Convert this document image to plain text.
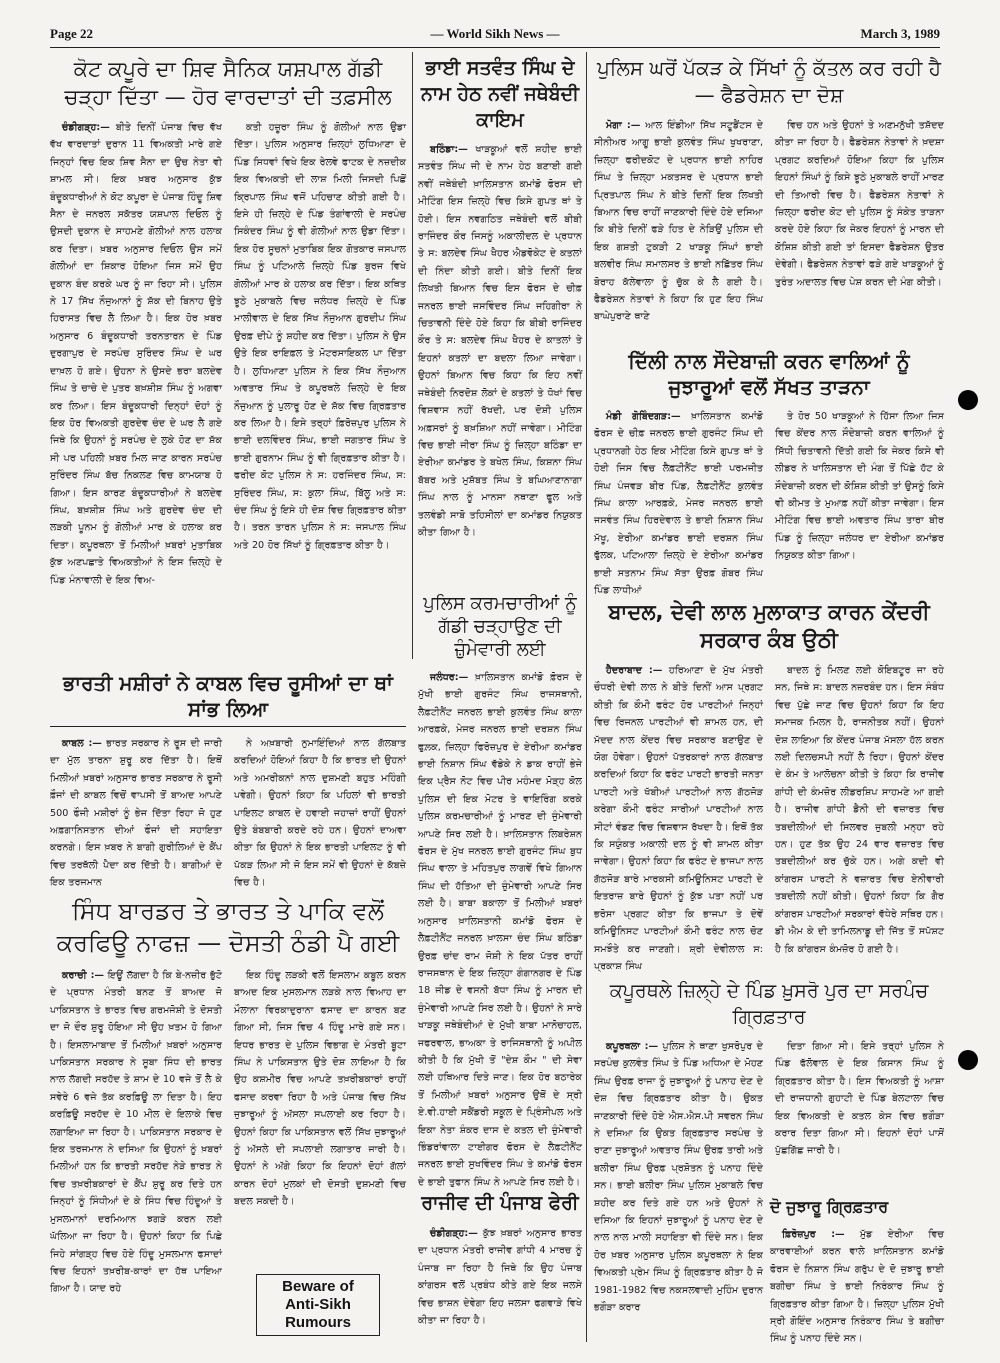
Page 22	— World Sikh News —	March 3, 1989
ਕੋਟ ਕਪੂਰੇ ਦਾ ਸ਼ਿਵ ਸੈਨਿਕ ਯਸ਼ਪਾਲ ਗੱਡੀ ਚੜ੍ਹਾ ਦਿੱਤਾ — ਹੋਰ ਵਾਰਦਾਤਾਂ ਦੀ ਤਫ਼ਸੀਲ

ਚੰਡੀਗੜ੍ਹ:— ਬੀਤੇ ਦਿਨੀਂ ਪੰਜਾਬ ਵਿਚ ਵੱਖ ਵੱਖ ਵਾਰਦਾਤਾਂ ਦੁਰਾਨ 11 ਵਿਅਕਤੀ ਮਾਰੇ ਗਏ ਜਿਨ੍ਹਾਂ ਵਿਚ ਇਕ ਸ਼ਿਵ ਸੈਨਾ ਦਾ ਉਚ ਨੇਤਾ ਵੀ ਸ਼ਾਮਲ ਸੀ। ਇਕ ਖ਼ਬਰ ਅਨੁਸਾਰ ਕੁੱਝ ਬੰਦੂਕਧਾਰੀਆਂ ਨੇ ਕੋਟ ਕਪੂਰਾ ਦੇ ਪੰਜਾਬ ਹਿੰਦੂ ਸ਼ਿਵ ਸੈਨਾ ਦੇ ਜਨਰਲ ਸਕੱਤਰ ਯਸ਼ਪਾਲ ਦਿਓਲ ਨੂੰ ਉਸਦੀ ਦੁਕਾਨ ਦੇ ਸਾਹਮਣੇ ਗੋਲੀਆਂ ਨਾਲ ਹਲਾਕ ਕਰ ਦਿਤਾ। ਖ਼ਬਰ ਅਨੁਸਾਰ ਦਿਓਲ ਉਸ ਸਮੇਂ ਗੋਲੀਆਂ ਦਾ ਸ਼ਿਕਾਰ ਹੋਇਆ ਜਿਸ ਸਮੇਂ ਉਹ ਦੁਕਾਨ ਬੰਦ ਕਰਕੇ ਘਰ ਨੂੰ ਜਾ ਰਿਹਾ ਸੀ। ਪੁਲਿਸ ਨੇ 17 ਸਿੱਖ ਨੌਜੁਆਨਾਂ ਨੂੰ ਸ਼ੱਕ ਦੀ ਬਿਨਾਹ ਉਤੇ ਹਿਰਾਸਤ ਵਿਚ ਲੈ ਲਿਆ ਹੈ। ਇਕ ਹੋਰ ਖ਼ਬਰ ਅਨੁਸਾਰ 6 ਬੰਦੂਕਧਾਰੀ ਤਰਨਤਾਰਨ ਦੇ ਪਿੰਡ ਦੁਰਗਾਪੁਰ ਦੇ ਸਰਪੰਚ ਸੁਰਿੰਦਰ ਸਿੰਘ ਦੇ ਘਰ ਦਾਖ਼ਲ ਹੋ ਗਏ। ਉਹਨਾ ਨੇ ਉਸਦੇ ਭਰਾ ਬਲਦੇਵ ਸਿੰਘ ਤੇ ਚਾਚੇ ਦੇ ਪੁਤਰ ਬਖ਼ਸ਼ੀਸ਼ ਸਿੰਘ ਨੂੰ ਅਗਵਾ ਕਰ ਲਿਆ। ਇਸ ਬੰਦੂਕਧਾਰੀ ਦਿਨ੍ਹਾਂ ਦੋਹਾਂ ਨੂੰ ਇਕ ਹੋਰ ਵਿਅਕਤੀ ਗੁਰਦੇਵ ਚੰਦ ਦੇ ਘਰ ਲੈ ਗਏ ਜਿਥੇ ਕਿ ਉਹਨਾਂ ਨੂੰ ਸਰਪੰਚ ਦੇ ਲੁਕੇ ਹੋਣ ਦਾ ਸ਼ੱਕ ਸੀ ਪਰ ਪਹਿਲੀ ਖ਼ਬਰ ਮਿਲ ਜਾਣ ਕਾਰਨ ਸਰਪੰਚ ਸੁਰਿੰਦਰ ਸਿੰਘ ਬੱਚ ਨਿਕਲਣ ਵਿਚ ਕਾਮਯਾਬ ਹੋ ਗਿਆ। ਇਸ ਕਾਰਣ ਬੰਦੂਕਧਾਰੀਆਂ ਨੇ ਬਲਦੇਵ ਸਿੰਘ, ਬਖ਼ਸ਼ੀਸ਼ ਸਿੰਘ ਅਤੇ ਗੁਰਦੇਵ ਚੰਦ ਦੀ ਲੜਕੀ ਪੂਨਮ ਨੂੰ ਗੋਲੀਆਂ ਮਾਰ ਕੇ ਹਲਾਕ ਕਰ ਦਿਤਾ। ਕਪੂਰਥਲਾ ਤੋਂ ਮਿਲੀਆਂ ਖ਼ਬਰਾਂ ਮੁਤਾਬਿਕ ਕੁੱਝ ਅਣਪਛਾਤੇ ਵਿਅਕਤੀਆਂ ਨੇ ਇਸ ਜ਼ਿਲ੍ਹੇ ਦੇ ਪਿੰਡ ਮੰਨਾਵਾਲੀ ਦੇ ਇਕ ਵਿਅ-

ਕਤੀ ਹਜ਼ੂਰਾ ਸਿੰਘ ਨੂੰ ਗੋਲੀਆਂ ਨਾਲ ਉਡਾ ਦਿੱਤਾ। ਪੁਲਿਸ ਅਨੁਸਾਰ ਜ਼ਿਲ੍ਹਾਂ ਲੁਧਿਆਣਾ ਦੇ ਪਿੰਡ ਸਿਧਵਾਂ ਵਿਖੇ ਇਕ ਰੇਲਵੇ ਫਾਟਕ ਦੇ ਨਜ਼ਦੀਕ ਇਕ ਵਿਅਕਤੀ ਦੀ ਲਾਸ਼ ਮਿਲੀ ਜਿਸਦੀ ਪਿਛੋਂ ਕ੍ਰਿਪਾਲ ਸਿੰਘ ਵਜੋਂ ਪਹਿਚਾਣ ਕੀਤੀ ਗਈ ਹੈ। ਇਸੇ ਹੀ ਜ਼ਿਲ੍ਹੇ ਦੇ ਪਿੰਡ ਤੰਗਾਂਵਾਲੀ ਦੇ ਸਰਪੰਚ ਸਿਕੰਦਰ ਸਿੰਘ ਨੂੰ ਵੀ ਗੋਲੀਆਂ ਨਾਲ ਉਡਾ ਦਿੱਤਾ। ਇਕ ਹੋਰ ਸੂਚਨਾਂ ਮੁਤਾਬਿਕ ਇਕ ਗੋਤਕਾਰ ਜਸਪਾਲ ਸਿੰਘ ਨੂੰ ਪਟਿਆਲੇ ਜ਼ਿਲ੍ਹੇ ਪਿੰਡ ਬੁਰਜ ਵਿਖੇ ਗੋਲੀਆਂ ਮਾਰ ਕੇ ਹਲਾਕ ਕਰ ਦਿੱਤਾ। ਇਕ ਕਥਿਤ ਝੂਠੇ ਮੁਕਾਬਲੇ ਵਿਚ ਜਲੰਧਰ ਜ਼ਿਲ੍ਹੇ ਦੇ ਪਿੰਡ ਮਾਲੀਵਾਲ ਦੇ ਇਕ ਸਿੱਖ ਨੌਜੁਆਨ ਗੁਰਦੀਪ ਸਿੰਘ ਉਰਫ਼ ਦੀਪੇ ਨੂੰ ਸ਼ਹੀਦ ਕਰ ਦਿੱਤਾ। ਪੁਲਿਸ ਨੇ ਉਸ ਉਤੇ ਇਕ ਰਾਇਫ਼ਲ ਤੇ ਮੋਟਰਸਾਇਕਲ ਪਾ ਦਿੱਤਾ ਹੈ। ਲੁਧਿਆਣਾ ਪੁਲਿਸ ਨੇ ਇਕ ਸਿੱਖ ਨੌਜੁਆਨ ਅਵਤਾਰ ਸਿੰਘ ਤੇ ਕਪੂਰਥਲੇ ਜ਼ਿਲ੍ਹੇ ਦੇ ਇਕ ਨੌਜੁਆਨ ਨੂੰ ਪੁਲਾਰੂ ਹੋਣ ਦੇ ਸ਼ੱਕ ਵਿਚ ਗ੍ਰਿਫ਼ਤਾਰ ਕਰ ਲਿਆ ਹੈ। ਇਸੇ ਤਰ੍ਹਾਂ ਫ਼ਿਰੋਜ਼ਪੁਰ ਪੁਲਿਸ ਨੇ ਭਾਈ ਦਲਵਿੰਦਰ ਸਿੰਘ, ਭਾਈ ਜਗਤਾਰ ਸਿੰਘ ਤੇ ਭਾਈ ਗੁਰਨਾਮ ਸਿੰਘ ਨੂੰ ਵੀ ਗ੍ਰਿਫ਼ਤਾਰ ਕੀਤਾ ਹੈ। ਫਰੀਦ ਕੋਟ ਪੁਲਿਸ ਨੇ ਸ: ਹਰਜਿੰਦਰ ਸਿੰਘ, ਸ: ਸੁਰਿੰਦਰ ਸਿੰਘ, ਸ: ਕੁਲਾ ਸਿੰਘ, ਬਿੱਲੂ ਅਤੇ ਸ: ਚੰਦ ਸਿੰਘ ਨੂੰ ਇਸੇ ਹੀ ਦੋਸ਼ ਵਿਚ ਗ੍ਰਿਫ਼ਤਾਰ ਕੀਤਾ ਹੈ। ਤਰਨ ਤਾਰਨ ਪੁਲਿਸ ਨੇ ਸ: ਜਸਪਾਲ ਸਿੰਘ ਅਤੇ 20 ਹੋਰ ਸਿੱਖਾਂ ਨੂੰ ਗ੍ਰਿਫ਼ਤਾਰ ਕੀਤਾ ਹੈ।

ਭਾਰਤੀ ਮਸ਼ੀਰਾਂ ਨੇ ਕਾਬਲ ਵਿਚ ਰੂਸੀਆਂ ਦਾ ਥਾਂ ਸਾਂਭ ਲਿਆ

ਕਾਬਲ :— ਭਾਰਤ ਸਰਕਾਰ ਨੇ ਰੂਸ ਦੀ ਜਾਰੀ ਦਾ ਮੁੱਲ ਤਾਰਨਾ ਸ਼ੁਰੂ ਕਰ ਦਿੱਤਾ ਹੈ। ਇਥੋਂ ਮਿਲੀਆਂ ਖ਼ਬਰਾਂ ਅਨੁਸਾਰ ਭਾਰਤ ਸਰਕਾਰ ਨੇ ਰੂਸੀ ਫ਼ੌਜਾਂ ਦੀ ਕਾਬਲ ਵਿਚੋਂ ਵਾਪਸੀ ਤੋਂ ਬਾਅਦ ਆਪਣੇ 500 ਫੌਜੀ ਮਸ਼ੀਰਾਂ ਨੂੰ ਭੇਜ ਦਿੱਤਾ ਰਿਹਾ ਜੋ ਹੁਣ ਅਫ਼ਗਾਨਿਸਤਾਨ ਦੀਆਂ ਫੌਜਾਂ ਦੀ ਸਹਾਇਤਾ ਕਰਨਗੇ। ਇਸ ਖ਼ਬਰ ਨੇ ਬਾਗੀ ਗੁਰੀਲਿਆਂ ਦੇ ਕੈਂਪ ਵਿਚ ਤਰਥੱਲੀ ਪੈਦਾ ਕਰ ਦਿੱਤੀ ਹੈ। ਬਾਗੀਆਂ ਦੇ ਇਕ ਤਰਜਮਾਨ

ਨੇ ਅਖ਼ਬਾਰੀ ਨੁਮਾਇੰਦਿਆਂ ਨਾਲ ਗੱਲਬਾਤ ਕਰਦਿਆਂ ਹੋਇਆਂ ਕਿਹਾ ਹੈ ਕਿ ਭਾਰਤ ਦੀ ਉਹਨਾਂ ਅਤੇ ਅਮਰੀਕਨਾਂ ਨਾਲ ਦੁਸ਼ਮਣੀ ਬਹੁਤ ਮਹਿੰਗੀ ਪਵੇਗੀ। ਉਹਨਾਂ ਕਿਹਾ ਕਿ ਪਹਿਲਾਂ ਵੀ ਭਾਰਤੀ ਪਾਇਲਟ ਕਾਬਲ ਦੇ ਹਵਾਈ ਜਹਾਜ਼ਾਂ ਰਾਹੀਂ ਉਹਨਾਂ ਉਤੇ ਬੰਬਬਾਰੀ ਕਰਦੇ ਰਹੇ ਹਨ। ਉਹਨਾਂ ਦਾਅਵਾ ਕੀਤਾ ਕਿ ਉਹਨਾਂ ਨੇ ਇਕ ਭਾਰਤੀ ਪਾਇਲਟ ਨੂੰ ਵੀ ਪੱਕੜ ਲਿਆ ਸੀ ਜੋ ਇਸ ਸਮੇਂ ਵੀ ਉਹਨਾਂ ਦੇ ਕੱਬਜ਼ੇ ਵਿਚ ਹੈ।

ਸਿੰਧ ਬਾਰਡਰ ਤੇ ਭਾਰਤ ਤੇ ਪਾਕਿ ਵਲੋਂ ਕਰਫਿਊ ਨਾਫਜ਼ — ਦੋਸਤੀ ਠੰਡੀ ਪੈ ਗਈ

ਕਰਾਚੀ :— ਇਊਂ ਲੱਗਦਾ ਹੈ ਕਿ ਬੇ-ਨਜ਼ੀਰ ਭੁੱਟੋ ਦੇ ਪ੍ਰਧਾਨ ਮੰਤਰੀ ਬਨਣ ਤੋਂ ਬਾਅਦ ਜੋ ਪਾਕਿਸਤਾਨ ਤੇ ਭਾਰਤ ਵਿਚ ਗਰਮਜੋਸ਼ੀ ਤੇ ਦੋਸਤੀ ਦਾ ਜੋ ਦੌਰ ਸ਼ੁਰੂ ਹੋਇਆ ਸੀ ਉਹ ਖ਼ਤਮ ਹੋ ਗਿਆ ਹੈ। ਇਸਲਾਮਾਬਾਦ ਤੋਂ ਮਿਲੀਆਂ ਖ਼ਬਰਾਂ ਅਨੁਸਾਰ ਪਾਕਿਸਤਾਨ ਸਰਕਾਰ ਨੇ ਸੂਬਾ ਸਿੰਧ ਦੀ ਭਾਰਤ ਨਾਲ ਲੱਗਦੀ ਸਰਹੱਦ ਤੇ ਸ਼ਾਮ ਦੇ 10 ਵਜੇ ਤੋਂ ਲੈ ਕੇ ਸਵੇਰੇ 6 ਵਜੇ ਤੱਕ ਕਰਫ਼ਿਊ ਲਾ ਦਿਤਾ ਹੈ। ਇਹ ਕਰਫ਼ਿਊ ਸਰਹੱਦ ਦੇ 10 ਮੀਲ ਦੇ ਇਲਾਕੇ ਵਿਚ ਲਗਾਇਆ ਜਾ ਰਿਹਾ ਹੈ। ਪਾਕਿਸਤਾਨ ਸਰਕਾਰ ਦੇ ਇਕ ਤਰਜਮਾਨ ਨੇ ਦਸਿਆ ਕਿ ਉਹਨਾਂ ਨੂੰ ਖ਼ਬਰਾਂ ਮਿਲੀਆਂ ਹਨ ਕਿ ਭਾਰਤੀ ਸਰਹੱਦ ਨੇੜੇ ਭਾਰਤ ਨੇ ਵਿਚ ਤਖ਼ਰੀਬਕਾਰਾਂ ਦੇ ਕੈਂਪ ਸ਼ੁਰੂ ਕਰ ਦਿਤੇ ਹਨ ਜਿਨ੍ਹਾਂ ਨੂੰ ਸਿੰਧੀਆਂ ਦੇ ਕੇ ਸਿੰਧ ਵਿਚ ਹਿੰਦੂਆਂ ਤੇ ਮੁਸਲਮਾਨਾਂ ਦਰਮਿਆਨ ਝਗੜੇ ਕਰਨ ਲਈ ਘੱਲਿਆ ਜਾ ਰਿਹਾ ਹੈ। ਉਹਨਾਂ ਕਿਹਾ ਕਿ ਪਿਛੇ ਜਿਹੇ ਸਾਂਗੜ੍ਹ ਵਿਚ ਹੋਏ ਹਿੰਦੂ ਮੁਸਲਮਾਨ ਫਸਾਦਾਂ ਵਿਚ ਇਹਨਾਂ ਤਖ਼ਰੀਬ-ਕਾਰਾਂ ਦਾ ਹੱਥ ਪਾਇਆ ਗਿਆ ਹੈ। ਯਾਦ ਰਹੇ

ਇਕ ਹਿੰਦੂ ਲੜਕੀ ਵਲੋਂ ਇਸਲਾਮ ਕਬੂਲ ਕਰਨ ਬਾਅਦ ਇਕ ਮੁਸਲਮਾਨ ਲੜਕੇ ਨਾਲ ਵਿਆਹ ਦਾ ਮੌਲਾਨਾ ਵਿਰਕਾਦੁਰਾਨਾ ਫਸਾਦ ਦਾ ਕਾਰਨ ਬਣ ਗਿਆ ਸੀ, ਜਿਸ ਵਿਚ 4 ਹਿੰਦੂ ਮਾਰੇ ਗਏ ਸਨ। ਇਧਰ ਭਾਰਤ ਦੇ ਪੁਲਿਸ ਵਿਭਾਗ ਦੇ ਮੰਤਰੀ ਬੂਟਾ ਸਿੰਘ ਨੇ ਪਾਕਿਸਤਾਨ ਉਤੇ ਦੋਸ਼ ਲਾਇਆ ਹੈ ਕਿ ਉਹ ਕਸ਼ਮੀਰ ਵਿਚ ਆਪਣੇ ਤਖ਼ਰੀਬਕਾਰਾਂ ਰਾਹੀਂ ਫਸਾਦ ਕਰਵਾ ਰਿਹਾ ਹੈ ਅਤੇ ਪੰਜਾਬ ਵਿਚ ਸਿੱਖ ਜੁਝਾਰੂਆਂ ਨੂੰ ਅੱਸਲਾ ਸਪਲਾਈ ਕਰ ਰਿਹਾ ਹੈ। ਉਹਨਾਂ ਕਿਹਾ ਕਿ ਪਾਕਿਸਤਾਨ ਵਲੋਂ ਸਿੱਖ ਜੁਝਾਰੂਆਂ ਨੂੰ ਅੱਸਲੇ ਦੀ ਸਪਲਾਈ ਲਗਾਤਾਰ ਜਾਰੀ ਹੈ। ਉਹਨਾਂ ਨੇ ਅੱਗੇ ਕਿਹਾ ਕਿ ਇਹਨਾਂ ਦੋਹਾਂ ਗੱਲਾਂ ਕਾਰਨ ਦੋਹਾਂ ਮੁਲਕਾਂ ਦੀ ਦੋਸਤੀ ਦੁਸ਼ਮਣੀ ਵਿਚ ਬਦਲ ਸਕਦੀ ਹੈ।

Beware of
Anti-Sikh
Rumours
ਭਾਈ ਸਤਵੰਤ ਸਿੰਘ ਦੇ ਨਾਮ ਹੇਠ ਨਵੀਂ ਜਥੇਬੰਦੀ ਕਾਇਮ

ਬਠਿੰਡਾ:— ਖਾੜਕੂਆਂ ਵਲੋਂ ਸ਼ਹੀਦ ਭਾਈ ਸਤਵੰਤ ਸਿੰਘ ਜੀ ਦੇ ਨਾਮ ਹੇਠ ਬਣਾਈ ਗਈ ਨਵੀਂ ਜਥੇਬੰਦੀ ਖ਼ਾਲਿਸਤਾਨ ਕਮਾਂਡੋ ਫੋਰਸ ਦੀ ਮੀਟਿੰਗ ਇਸ ਜ਼ਿਲ੍ਹੇ ਵਿਚ ਕਿਸੇ ਗੁਪਤ ਥਾਂ ਤੇ ਹੋਈ। ਇਸ ਨਵਗਠਿਤ ਜਥੇਬੰਦੀ ਵਲੋਂ ਬੀਬੀ ਰਾਜਿੰਦਰ ਕੌਰ ਜਿਸਨੂੰ ਅਕਾਲੀਦਲ ਦੇ ਪ੍ਰਧਾਨ ਤੇ ਸ: ਬਲਦੇਵ ਸਿੰਘ ਖੈਹਰ ਐਡਵੋਕੇਟ ਦੇ ਕਤਲਾਂ ਦੀ ਨਿੰਦਾ ਕੀਤੀ ਗਈ। ਬੀਤੇ ਦਿਨੀਂ ਇਕ ਲਿਖਤੀ ਬਿਆਨ ਵਿਚ ਇਸ ਫੋਰਸ ਦੇ ਚੀਫ਼ ਜਨਰਲ ਭਾਈ ਜਸਵਿੰਦਰ ਸਿੰਘ ਜਹਿਗੀਰਾ ਨੇ ਚਿਤਾਵਨੀ ਦਿੰਦੇ ਹੋਏ ਕਿਹਾ ਕਿ ਬੀਬੀ ਰਾਜਿੰਦਰ ਕੌਰ ਤੇ ਸ: ਬਲਦੇਵ ਸਿੰਘ ਖੈਹਰ ਦੇ ਕਾਤਲਾਂ ਤੇ ਇਹਨਾਂ ਕਤਲਾਂ ਦਾ ਬਦਲਾ ਲਿਆ ਜਾਵੇਗਾ। ਉਹਨਾਂ ਬਿਆਨ ਵਿਚ ਕਿਹਾ ਕਿ ਇਹ ਨਵੀਂ ਜਥੇਬੰਦੀ ਨਿਰਦੋਸ਼ ਲੋਕਾਂ ਦੇ ਕਤਲਾਂ ਤੇ ਧੋਖਾਂ ਵਿਚ ਵਿਸ਼ਵਾਸ ਨਹੀਂ ਰੱਖਦੀ, ਪਰ ਦੋਸ਼ੀ ਪੁਲਿਸ ਅਫ਼ਸਰਾਂ ਨੂੰ ਬਖ਼ਸ਼ਿਆ ਨਹੀਂ ਜਾਵੇਗਾ। ਮੀਟਿੰਗ ਵਿਚ ਭਾਈ ਜੀਰਾ ਸਿੰਘ ਨੂੰ ਜ਼ਿਲ੍ਹਾ ਬਠਿੰਡਾ ਦਾ ਏਰੀਆ ਕਮਾਂਡਰ ਤੇ ਬਖੇਲ ਸਿੰਘ, ਕਿਸ਼ਨਾ ਸਿੰਘ ਬੱਬਰ ਅਤੇ ਮੁਸ਼ੱਬਤ ਸਿੰਘ ਤੇ ਬਘਿਆਣਾਨਾਗਾ ਸਿੰਘ ਨਾਲ ਨੂੰ ਮਾਨਸਾ ਨਥਾਣਾ ਫੂਲ ਅਤੇ ਤਲਵੰਡੀ ਸਾਬੋ ਤਹਿਸੀਲਾਂ ਦਾ ਕਮਾਂਡਰ ਨਿਯੁਕਤ ਕੀਤਾ ਗਿਆ ਹੈ।

ਪੁਲਿਸ ਕਰਮਚਾਰੀਆਂ ਨੂੰ ਗੱਡੀ ਚੜ੍ਹਾਉਣ ਦੀ ਜ਼ੁੰਮੇਵਾਰੀ ਲਈ

ਜਲੰਧਰ:— ਖ਼ਾਲਿਸਤਾਨ ਕਮਾਂਡੋ ਫ਼ੋਰਸ ਦੇ ਮੁੱਖੀ ਭਾਈ ਗੁਰਜੰਟ ਸਿੰਘ ਰਾਜਸਥਾਨੀ, ਲੈਫ਼ਟੀਨੈਂਟ ਜਨਰਲ ਭਾਈ ਕੁਲਵੰਤ ਸਿੰਘ ਕਾਲਾ ਆਰਫ਼ਕੇ, ਮੇਜਰ ਜਨਰਲ ਭਾਈ ਦਰਸ਼ਨ ਸਿੰਘ ਫੁਲ਼ਕ, ਜ਼ਿਲ੍ਹਾ ਫਿਰੋਜ਼ਪੁਰ ਦੇ ਏਰੀਆ ਕਮਾਂਡਰ ਭਾਈ ਨਿਸ਼ਾਨ ਸਿੰਘ ਵੱਡੇਕੇ ਨੇ ਡਾਕ ਰਾਹੀਂ ਭੇਜੇ ਇਕ ਪ੍ਰੈਸ ਨੋਟ ਵਿਚ ਪੀਰ ਮਹੰਮਦ ਮੋੜ੍ਹ ਕੋਲ ਪੁਲਿਸ ਦੀ ਇਕ ਮੋਟਰ ਤੇ ਵਾਇਰਿੰਗ ਕਰਕੇ ਪੁਲਿਸ ਕਰਮਚਾਰੀਆਂ ਨੂੰ ਮਾਰਣ ਦੀ ਜੁੰਮੇਵਾਰੀ ਆਪਣੇ ਸਿਰ ਲਈ ਹੈ। ਖ਼ਾਲਿਸਤਾਨ ਲਿਬਰੇਸ਼ਨ ਫੋਰਸ ਦੇ ਮੁੱਖ ਜਨਰਲ ਭਾਈ ਗੁਰਜੰਟ ਸਿੰਘ ਬੁਧ ਸਿੰਘ ਵਾਲਾ ਤੇ ਮਹਿਤਪੁਰ ਲਾਗਵੇਂ ਵਿਖੇ ਗਿਆਨ ਸਿੰਘ ਦੀ ਹੱਤਿਆ ਦੀ ਜ਼ੁੰਮੇਵਾਰੀ ਆਪਣੇ ਸਿਰ ਲਈ ਹੈ। ਬਾਬਾ ਬਕਾਲਾ ਤੋਂ ਮਿਲੀਆਂ ਖ਼ਬਰਾਂ ਅਨੁਸਾਰ ਖ਼ਾਲਿਸਤਾਨੀ ਕਮਾਂਡੋ ਫੋਰਸ ਦੇ ਲੈਫ਼ਟੀਨੈਂਟ ਜਨਰਲ ਖ਼ਾਲਸਾ ਚੰਦ ਸਿੰਘ ਬਠਿੰਡਾ ਉਰਫ਼ ਚਾਂਦ ਰਾਮ ਜੋਸ਼ੀ ਨੇ ਇਕ ਪੱਤਰ ਰਾਹੀਂ ਰਾਜਸਥਾਨ ਦੇ ਇਕ ਜ਼ਿਲ੍ਹਾ ਗੰਗਾਨਗਰ ਦੇ ਪਿੰਡ 18 ਜੀਡ ਦੇ ਵਸਨੀ ਬੱਧਾ ਸਿੰਘ ਨੂੰ ਮਾਰਨ ਦੀ ਜ਼ੁੰਮੇਵਾਰੀ ਆਪਣੇ ਸਿਰ ਲਈ ਹੈ। ਉਹਨਾਂ ਨੇ ਸਾਰੇ ਖਾੜਕੂ ਜਥੇਬੰਦੀਆਂ ਦੇ ਮੁੱਖੀ ਬਾਬਾ ਮਾਨੋਚਾਹਲ, ਜਫਰਵਾਲ, ਭਾਅਕਾ ਤੇ ਰਾਜਿਸਥਾਨੀ ਨੂੰ ਅਪੀਲ ਕੀਤੀ ਹੈ ਕਿ ਮੁੱਖੀ ਤੋਂ "ਦੇਸ਼ ਕੌਮ " ਦੀ ਸੇਵਾ ਲਈ ਹਥਿਆਰ ਦਿਤੇ ਜਾਣ। ਇਕ ਹੋਰ ਬਠਾਰੇਕ ਤੋਂ ਮਿਲੀਆਂ ਖ਼ਬਰਾਂ ਅਨੁਸਾਰ ਉਥੋਂ ਦੇ ਸ੍ਰੀ ਏ.ਵੀ.ਹਾਈ ਸਕੈਂਡਰੀ ਸਕੂਲ ਦੇ ਪ੍ਰਿੰਸੀਪਲ ਅਤੇ ਇਕਾ ਨੇਤਾ ਸ਼ੰਕਰ ਦਾਸ ਦੇ ਕਤਲ ਦੀ ਜ਼ੁੰਮੇਵਾਰੀ ਭਿੰਡਰਾਂਵਾਲਾ ਟਾਈਗਰ ਫੋਰਸ ਦੇ ਲੈਫ਼ਟੀਨੈਂਟ ਜਨਰਲ ਭਾਈ ਸੁਖਵਿੰਦਰ ਸਿੰਘ ਤੇ ਕਮਾਂਡੋ ਫੋਰਸ ਦੇ ਭਾਈ ਤੁਫਾਨ ਸਿੰਘ ਨੇ ਆਪਣੇ ਸਿਰ ਲਈ ਹੈ।

ਰਾਜੀਵ ਦੀ ਪੰਜਾਬ ਫੇਰੀ

ਚੰਡੀਗੜ੍ਹ:— ਕੁੱਝ ਖ਼ਬਰਾਂ ਅਨੁਸਾਰ ਭਾਰਤ ਦਾ ਪ੍ਰਧਾਨ ਮੰਤਰੀ ਰਾਜੀਵ ਗਾਂਧੀ 4 ਮਾਰਚ ਨੂੰ ਪੰਜਾਬ ਜਾ ਰਿਹਾ ਹੈ ਜਿਥੇ ਕਿ ਉਹ ਪੰਜਾਬ ਕਾਂਗਰਸ ਵਲੋਂ ਪ੍ਰਬੰਧ ਕੀਤੇ ਗਏ ਇਕ ਜਲਸੇ ਵਿਚ ਭਾਸ਼ਨ ਦੇਵੇਗਾ ਇਹ ਜਲਸਾ ਫਗਵਾੜੇ ਵਿਖੇ ਕੀਤਾ ਜਾ ਰਿਹਾ ਹੈ।

ਪੁਲਿਸ ਘਰੋਂ ਪੱਕੜ ਕੇ ਸਿੱਖਾਂ ਨੂੰ ਕੱਤਲ ਕਰ ਰਹੀ ਹੈ — ਫੈਡਰੇਸ਼ਨ ਦਾ ਦੋਸ਼

ਮੋਗਾ :— ਆਲ ਇੰਡੀਆ ਸਿੱਖ ਸਟੂਡੈਂਟਸ ਦੇ ਸੀਨੀਅਰ ਆਗੂ ਭਾਈ ਕੁਲਵੰਤ ਸਿੰਘ ਖੁਖਰਾਣਾ, ਜ਼ਿਲ੍ਹਾ ਫਰੀਦਕੋਟ ਦੇ ਪ੍ਰਧਾਨ ਭਾਈ ਨਾਹਿਰ ਸਿੰਘ ਤੇ ਜ਼ਿਲ੍ਹਾ ਮਕਤਸਰ ਦੇ ਪ੍ਰਧਾਨ ਭਾਈ ਪ੍ਰਿਤਪਾਲ ਸਿੰਘ ਨੇ ਬੀਤੇ ਦਿਨੀਂ ਇਕ ਲਿਖਤੀ ਬਿਆਨ ਵਿਚ ਰਾਹੀਂ ਜਾਣਕਾਰੀ ਦਿੰਦੇ ਹੋਏ ਦਸਿਆ ਕਿ ਬੀਤੇ ਦਿਨੀਂ ਫੜੇ ਹਿਤ ਦੇ ਨੇੜਿਉਂ ਪੁਲਿਸ ਦੀ ਇਕ ਗਸ਼ਤੀ ਟੁਕੜੀ 2 ਖਾੜਕੂ ਸਿੰਘਾਂ ਭਾਈ ਬਲਵੀਰ ਸਿੰਘ ਸਮਾਲਸਰ ਤੇ ਭਾਈ ਨਛਿੱਤਰ ਸਿੰਘ ਬੋਰਾਹ ਕੱਲੇਵਾਲਾ ਨੂੰ ਚੁੱਕ ਕੇ ਲੈ ਗਈ ਹੈ। ਫੈਡਰੇਸ਼ਨ ਨੇਤਾਵਾਂ ਨੇ ਕਿਹਾ ਕਿ ਹੁਣ ਇਹ ਸਿੰਘ ਬਾਘੇਪੁਰਾਣੇ ਥਾਣੇ

ਵਿਚ ਹਨ ਅਤੇ ਉਹਨਾਂ ਤੇ ਅਣਮਨੁੱਖੀ ਤਸ਼ੱਦਦ ਕੀਤਾ ਜਾ ਰਿਹਾ ਹੈ। ਫੈਡਰੇਸ਼ਨ ਨੇਤਾਵਾਂ ਨੇ ਖ਼ਦਸ਼ਾ ਪ੍ਰਗਟ ਕਰਦਿਆਂ ਹੋਇਆ ਕਿਹਾ ਕਿ ਪੁਲਿਸ ਇਹਨਾਂ ਸਿੰਘਾਂ ਨੂੰ ਕਿਸੇ ਝੂਠੇ ਮੁਕਾਬਲੇ ਰਾਹੀਂ ਮਾਰਣ ਦੀ ਤਿਆਰੀ ਵਿਚ ਹੈ। ਫੈਡਰੇਸ਼ਨ ਨੇਤਾਵਾਂ ਨੇ ਜ਼ਿਲ੍ਹਾ ਫਰੀਦ ਕੋਟ ਦੀ ਪੁਲਿਸ ਨੂੰ ਸੰਕੇਤ ਤਾੜਨਾ ਕਰਦੇ ਹੋਏ ਕਿਹਾ ਕਿ ਜੇਕਰ ਇਹਨਾਂ ਨੂੰ ਮਾਰਨ ਦੀ ਕੋਸ਼ਿਸ਼ ਕੀਤੀ ਗਈ ਤਾਂ ਇਸਦਾ ਫੈਡਰੇਸ਼ਨ ਉਤਰ ਦੇਵੇਗੀ। ਫੈਡਰੇਸ਼ਨ ਨੇਤਾਵਾਂ ਫੜੇ ਗਏ ਖਾੜਕੂਆਂ ਨੂੰ ਤੁਰੰਤ ਅਦਾਲਤ ਵਿਚ ਪੇਸ਼ ਕਰਨ ਦੀ ਮੰਗ ਕੀਤੀ।

ਦਿੱਲੀ ਨਾਲ ਸੌਦੇਬਾਜ਼ੀ ਕਰਨ ਵਾਲਿਆਂ ਨੂੰ ਜੁਝਾਰੂਆਂ ਵਲੋਂ ਸੱਖਤ ਤਾੜਨਾ

ਮੰਡੀ ਗੋਬਿੰਦਗੜ:— ਖ਼ਾਲਿਸਤਾਨ ਕਮਾਂਡੋ ਫੋਰਸ ਦੇ ਚੀਫ਼ ਜਨਰਲ ਭਾਈ ਗੁਰਜੰਟ ਸਿੰਘ ਦੀ ਪ੍ਰਧਾਨਗੀ ਹੇਠ ਇਕ ਮੀਟਿੰਗ ਕਿਸੇ ਗੁਪਤ ਥਾਂ ਤੇ ਹੋਈ ਜਿਸ ਵਿਚ ਲੈਫ਼ਟੀਨੈਂਟ ਭਾਈ ਪਰਮਜੀਤ ਸਿੰਘ ਪੰਜਵੜ ਬੀਰ ਪਿੰਡ, ਲੈਫ਼ਟੀਨੈਂਟ ਕੁਲਵੰਤ ਸਿੰਘ ਕਾਲਾ ਆਰਫ਼ਕੇ, ਮੇਜਰ ਜਨਰਲ ਭਾਈ ਜਸਵੰਤ ਸਿੰਘ ਹਿਰਦੇਵਾਲ ਤੇ ਭਾਈ ਨਿਸ਼ਾਨ ਸਿੰਘ ਮੱਖੂ, ਏਰੀਆ ਕਮਾਂਡਰ ਭਾਈ ਦਰਸ਼ਨ ਸਿੰਘ ਫੁੱਲਕ, ਪਟਿਆਲਾ ਜ਼ਿਲ੍ਹੇ ਦੇ ਏਰੀਆ ਕਮਾਂਡਰ ਭਾਈ ਸਤਨਾਮ ਸਿੰਘ ਸੱਤਾ ਉਰਫ਼ ਗੋਬਰ ਸਿੰਘ ਪਿੰਡ ਲਾਧੀਆਂ

ਤੇ ਹੋਰ 50 ਖਾੜਕੂਆਂ ਨੇ ਹਿੱਸਾ ਲਿਆ ਜਿਸ ਵਿਚ ਕੇਂਦਰ ਨਾਲ ਸੌਦੇਬਾਜ਼ੀ ਕਰਨ ਵਾਲਿਆਂ ਨੂੰ ਸਿੱਧੀ ਚਿਤਾਵਨੀ ਦਿੱਤੀ ਗਈ ਕਿ ਜੇਕਰ ਕਿਸੇ ਵੀ ਲੀਡਰ ਨੇ ਖਾਲਿਸਤਾਨ ਦੀ ਮੰਗ ਤੋਂ ਪਿੱਛੇ ਹੱਟ ਕੇ ਸੌਦੇਬਾਜ਼ੀ ਕਰਨ ਦੀ ਕੋਸ਼ਿਸ਼ ਕੀਤੀ ਤਾਂ ਉਸਨੂੰ ਕਿਸੇ ਵੀ ਕੀਮਤ ਤੇ ਮੁਆਫ਼ ਨਹੀਂ ਕੀਤਾ ਜਾਵੇਗਾ। ਇਸ ਮੀਟਿੰਗ ਵਿਚ ਭਾਈ ਅਵਤਾਰ ਸਿੰਘ ਤਾਰਾ ਬੀਰ ਪਿੰਡ ਨੂੰ ਜ਼ਿਲ੍ਹਾ ਜਲੰਧਰ ਦਾ ਏਰੀਆ ਕਮਾਂਡਰ ਨਿਯੁਕਤ ਕੀਤਾ ਗਿਆ।

ਬਾਦਲ, ਦੇਵੀ ਲਾਲ ਮੁਲਾਕਾਤ ਕਾਰਨ ਕੇਂਦਰੀ ਸਰਕਾਰ ਕੰਬ ਉਠੀ

ਹੈਦਰਾਬਾਦ :— ਹਰਿਆਣਾ ਦੇ ਮੁੱਖ ਮੰਤਰੀ ਚੌਧਰੀ ਦੇਵੀ ਲਾਲ ਨੇ ਬੀਤੇ ਦਿਨੀਂ ਆਸ ਪ੍ਰਗਟ ਕੀਤੀ ਕਿ ਕੌਮੀ ਫਰੰਟ ਹੋਰ ਪਾਰਟੀਆਂ ਜਿਨ੍ਹਾਂ ਵਿਚ ਰਿਜਨਲ ਪਾਰਟੀਆਂ ਵੀ ਸ਼ਾਮਲ ਹਨ, ਦੀ ਮੱਦਦ ਨਾਲ ਕੇਂਦਰ ਵਿਚ ਸਰਕਾਰ ਬਣਾਉਣ ਦੇ ਯੋਗ ਹੋਵੇਗਾ। ਉਹਨਾਂ ਪੱਤਰਕਾਰਾਂ ਨਾਲ ਗੱਲਬਾਤ ਕਰਦਿਆਂ ਕਿਹਾ ਕਿ ਫਰੰਟ ਪਾਰਟੀ ਭਾਰਤੀ ਜਨਤਾ ਪਾਰਟੀ ਅਤੇ ਖੱਬੀਆਂ ਪਾਰਟੀਆਂ ਨਾਲ ਗੱਠਜੋੜ ਕਰੇਗਾ ਕੌਮੀ ਫਰੰਟ ਸਾਰੀਆਂ ਪਾਰਟੀਆਂ ਨਾਲ ਸੀਟਾਂ ਵੰਡਣ ਵਿਚ ਵਿਸ਼ਵਾਸ ਰੱਖਦਾ ਹੈ। ਇਥੋਂ ਤੱਕ ਕਿ ਸਯੁੰਕਤ ਅਕਾਲੀ ਦਲ ਨੂੰ ਵੀ ਸ਼ਾਮਲ ਕੀਤਾ ਜਾਵੇਗਾ। ਉਹਨਾਂ ਕਿਹਾ ਕਿ ਫਰੰਟ ਦੇ ਭਾਜਪਾ ਨਾਲ ਗੱਠਜੋੜ ਬਾਰੇ ਮਾਰਕਸੀ ਕਮਿਊਨਿਸਟ ਪਾਰਟੀ ਦੇ ਇਤਰਾਜ਼ ਬਾਰੇ ਉਹਨਾਂ ਨੂੰ ਕੁੱਝ ਪਤਾ ਨਹੀਂ ਪਰ ਭਰੋਸਾ ਪ੍ਰਗਟ ਕੀਤਾ ਕਿ ਭਾਜਪਾ ਤੇ ਦੋਵੇਂ ਕਮਿਊਨਿਸਟ ਪਾਰਟੀਆਂ ਕੌਮੀ ਫਰੰਟ ਨਾਲ ਚੋਣ ਸਮਝੌਤੇ ਕਰ ਜਾਣਗੀ। ਸ਼੍ਰੀ ਦੇਵੀਲਾਲ ਸ: ਪ੍ਰਕਾਸ਼ ਸਿੰਘ

ਬਾਦਲ ਨੂੰ ਮਿਲਣ ਲਈ ਕੋਇਬਟੂਰ ਜਾ ਰਹੇ ਸਨ, ਜਿਥੇ ਸ: ਬਾਦਲ ਨਜ਼ਰਬੰਦ ਹਨ। ਇਸ ਸੰਬੰਧ ਵਿਚ ਪੁੱਛੇ ਜਾਣ ਵਿਚ ਉਹਨਾਂ ਕਿਹਾ ਕਿ ਇਹ ਸਮਾਜਕ ਮਿਲਨ ਹੈ, ਰਾਜਨੀਤਕ ਨਹੀਂ। ਉਹਨਾਂ ਦੋਸ਼ ਲਾਇਆ ਕਿ ਕੇਂਦਰ ਪੰਜਾਬ ਮੱਸਲਾ ਹੱਲ ਕਰਨ ਲਈ ਦਿਲਚਸਪੀ ਨਹੀਂ ਲੈ ਰਿਹਾ। ਉਹਨਾਂ ਕੇਂਦਰ ਦੇ ਕੰਮ ਤੇ ਆਲੋਚਨਾ ਕੀਤੀ ਤੇ ਕਿਹਾ ਕਿ ਰਾਜੀਵ ਗਾਂਧੀ ਦੀ ਕੰਮਜ਼ੋਰ ਲੀਡਰਸ਼ਿਪ ਸਾਹਮਣੇ ਆ ਗਈ ਹੈ। ਰਾਜੀਵ ਗਾਂਧੀ ਡੈਨੀ ਦੀ ਵਜ਼ਾਰਤ ਵਿਚ ਤਬਦੀਲੀਆਂ ਦੀ ਸਿਲਵਰ ਜੁਬਲੀ ਮਨ੍ਹਾ ਰਹੇ ਹਨ। ਹੁਣ ਤੱਕ ਉਹ 24 ਵਾਰ ਵਜ਼ਾਰਤ ਵਿਚ ਤਬਦੀਲੀਆਂ ਕਰ ਚੁੱਕੇ ਹਨ। ਅਗੇ ਕਦੀ ਵੀ ਕਾਂਗਰਸ ਪਾਰਟੀ ਨੇ ਵਜ਼ਾਰਤ ਵਿਚ ਏਨੀਵਾਰੀ ਤਬਦੀਲੀ ਨਹੀਂ ਕੀਤੀ। ਉਹਨਾਂ ਕਿਹਾ ਕਿ ਗੈਰ ਕਾਂਗਰਸ ਪਾਰਟੀਆਂ ਸਰਕਾਰਾਂ ਵੱਧੇਰੇ ਸਥਿਰ ਹਨ। ਡੀ ਐਮ ਕੇ ਦੀ ਤਾਮਿਲਨਾਡੂ ਦੀ ਜਿੱਤ ਤੋਂ ਸਪੱਸ਼ਟ ਹੈ ਕਿ ਕਾਂਗਰਸ ਕੰਮਜ਼ੋਰ ਹੋ ਗਈ ਹੈ।

ਕਪੂਰਥਲੇ ਜ਼ਿਲ੍ਹੇ ਦੇ ਪਿੰਡ ਖ਼ੁਸਰੋ ਪੁਰ ਦਾ ਸਰਪੰਚ ਗ੍ਰਿਫ਼ਤਾਰ

ਕਪੂਰਥਲਾ :— ਪੁਲਿਸ ਨੇ ਥਾਣਾ ਖੁਸਰੋਪੁਰ ਦੇ ਸਰਪੰਚ ਕੁਲਵੰਤ ਸਿੰਘ ਤੇ ਪਿੰਡ ਅਧਿਆ ਦੇ ਮੋਹਣ ਸਿੰਘ ਉਰਫ਼ ਰਾਜਾ ਨੂੰ ਜੁਝਾਰੂਆਂ ਨੂੰ ਪਨਾਹ ਦੇਣ ਦੇ ਦੋਸ਼ ਵਿਚ ਗ੍ਰਿਫ਼ਤਾਰ ਕੀਤਾ ਹੈ। ਉਕਤ ਜਾਣਕਾਰੀ ਦਿੰਦੇ ਹੋਏ ਐਸ.ਐਸ.ਪੀ ਸਵਰਨ ਸਿੰਘ ਨੇ ਦਸਿਆ ਕਿ ਉਕਤ ਗ੍ਰਿਫ਼ਤਾਰ ਸਰਪੰਚ ਤੇ ਰਾਣਾ ਜੁਝਾਰੂਆਂ ਅਵਤਾਰ ਸਿੰਘ ਉਰਫ਼ ਤਾਰੀ ਅਤੇ ਬਲੀਰਾ ਸਿੰਘ ਉਰਫ਼ ਪ੍ਰਸ਼ੋਤਨ ਨੂੰ ਪਨਾਹ ਦਿੰਦੇ ਸਨ। ਭਾਈ ਬਲੀਰਾ ਸਿੰਘ ਪੁਲਿਸ ਮੁਕਾਬਲੇ ਵਿਚ ਸ਼ਹੀਦ ਕਰ ਦਿਤੇ ਗਏ ਹਨ ਅਤੇ ਉਹਨਾਂ ਨੇ ਦਸਿਆ ਕਿ ਇਹਨਾਂ ਜੁਝਾਰੂਆਂ ਨੂੰ ਪਨਾਹ ਦੇਣ ਦੇ ਨਾਲ ਨਾਲ ਮਾਲੀ ਸਹਾਇਤਾ ਵੀ ਦਿੰਦੇ ਸਨ। ਇਕ ਹੋਰ ਖ਼ਬਰ ਅਨੁਸਾਰ ਪੁਲਿਸ ਕਪੂਰਥਲਾ ਨੇ ਇਕ ਵਿਅਕਤੀ ਪ੍ਰੇਮ ਸਿੰਘ ਨੂੰ ਗ੍ਰਿਫ਼ਤਾਰ ਕੀਤਾ ਹੈ ਜੋ 1981-1982 ਵਿਚ ਨਕਸਲਵਾਦੀ ਮੁਹਿੰਮ ਦੁਰਾਨ ਭਗੌੜਾ ਕਰਾਰ

ਦਿਤਾ ਗਿਆ ਸੀ। ਇਸੇ ਤਰ੍ਹਾਂ ਪੁਲਿਸ ਨੇ ਪਿੰਡ ਫੱਲੋਵਾਲ ਦੇ ਇਕ ਕਿਸਾਨ ਸਿੰਘ ਨੂੰ ਗ੍ਰਿਫ਼ਤਾਰ ਕੀਤਾ ਹੈ। ਇਸ ਵਿਅਕਤੀ ਨੂੰ ਆਸ਼ਾ ਦੀ ਰਾਜਧਾਨੀ ਗੁਹਾਟੀ ਦੇ ਪਿੰਡ ਬੇਲਟਾਲਾ ਵਿਚ ਇਕ ਵਿਅਕਤੀ ਦੇ ਕਤਲ ਕੇਸ ਵਿਚ ਭਗੌੜਾ ਕਰਾਰ ਦਿਤਾ ਗਿਆ ਸੀ। ਇਹਨਾਂ ਦੋਹਾਂ ਪਾਸੋਂ ਪੁੱਛਗਿੱਛ ਜਾਰੀ ਹੈ।

ਦੋ ਜੁਝਾਰੂ ਗ੍ਰਿਫ਼ਤਾਰ

ਫ਼ਿਰੋਜ਼ਪੁਰ :— ਮੁੱਡ ਏਰੀਆ ਵਿਚ ਕਾਰਵਾਈਆਂ ਕਰਨ ਵਾਲੇ ਖ਼ਾਲਿਸਤਾਨ ਕਮਾਂਡੋ ਫੋਰਸ ਦੇ ਨਿਸ਼ਾਨ ਸਿੰਘ ਗਰੁੱਪ ਦੇ ਦੋ ਜੁਝਾਰੂ ਭਾਈ ਬਗੀਚਾ ਸਿੰਘ ਤੇ ਭਾਈ ਨਿਰੰਕਾਰ ਸਿੰਘ ਨੂੰ ਗ੍ਰਿਫ਼ਤਾਰ ਕੀਤਾ ਗਿਆ ਹੈ। ਜ਼ਿਲ੍ਹਾ ਪੁਲਿਸ ਮੁੱਖੀ ਸ੍ਰੀ ਗੋਇੰਦ ਅਨੁਸਾਰ ਨਿਰੰਕਾਰ ਸਿੰਘ ਤੇ ਬਗੀਚਾ ਸਿੰਘ ਨੂੰ ਪਨਾਹ ਦਿੰਦੇ ਸਨ।
